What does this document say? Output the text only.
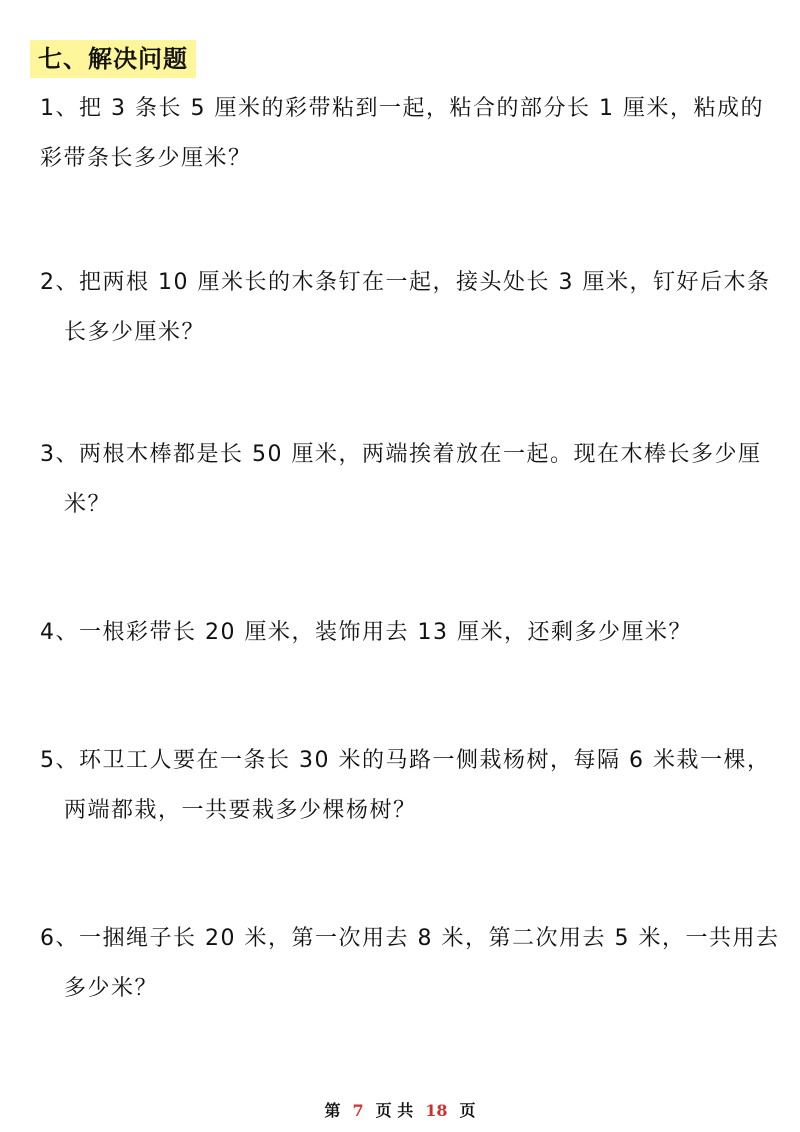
七、解决问题
1、把 3 条长 5 厘米的彩带粘到一起，粘合的部分长 1 厘米，粘成的
彩带条长多少厘米？
2、把两根 10 厘米长的木条钉在一起，接头处长 3 厘米，钉好后木条
长多少厘米？
3、两根木棒都是长 50 厘米，两端挨着放在一起。现在木棒长多少厘
米？
4、一根彩带长 20 厘米，装饰用去 13 厘米，还剩多少厘米？
5、环卫工人要在一条长 30 米的马路一侧栽杨树，每隔 6 米栽一棵，
两端都栽，一共要栽多少棵杨树？
6、一捆绳子长 20 米，第一次用去 8 米，第二次用去 5 米，一共用去
多少米？
第 7 页 共 18 页
